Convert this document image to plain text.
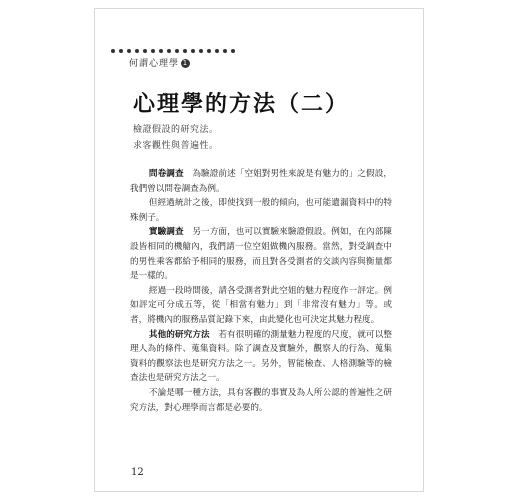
何謂心理學 1
心理學的方法（二）
檢證假設的研究法。
求客觀性與普遍性。

問卷調查　為驗證前述「空姐對男性來說是有魅力的」之假設，我們曾以問卷調查為例。

但經過統計之後，即使找到一般的傾向，也可能遺漏資料中的特殊例子。

實驗調查　另一方面，也可以實驗來驗證假設。例如，在內部陳設皆相同的機艙內，我們請一位空姐做機內服務。當然，對受調查中的男性乘客都給予相同的服務，而且對各受測者的交談內容與衡量都是一樣的。

經過一段時間後，請各受測者對此空姐的魅力程度作一評定。例如評定可分成五等，從「相當有魅力」到「非常沒有魅力」等。或者，將機內的服務品質記錄下來，由此變化也可決定其魅力程度。

其他的研究方法　若有很明確的測量魅力程度的尺度，就可以整理人為的條件、蒐集資料。除了調查及實驗外，觀察人的行為、蒐集資料的觀察法也是研究方法之一。另外，智能檢查、人格測驗等的檢查法也是研究方法之一。

不論是哪一種方法，具有客觀的事實及為人所公認的普遍性之研究方法，對心理學而言都是必要的。

12
